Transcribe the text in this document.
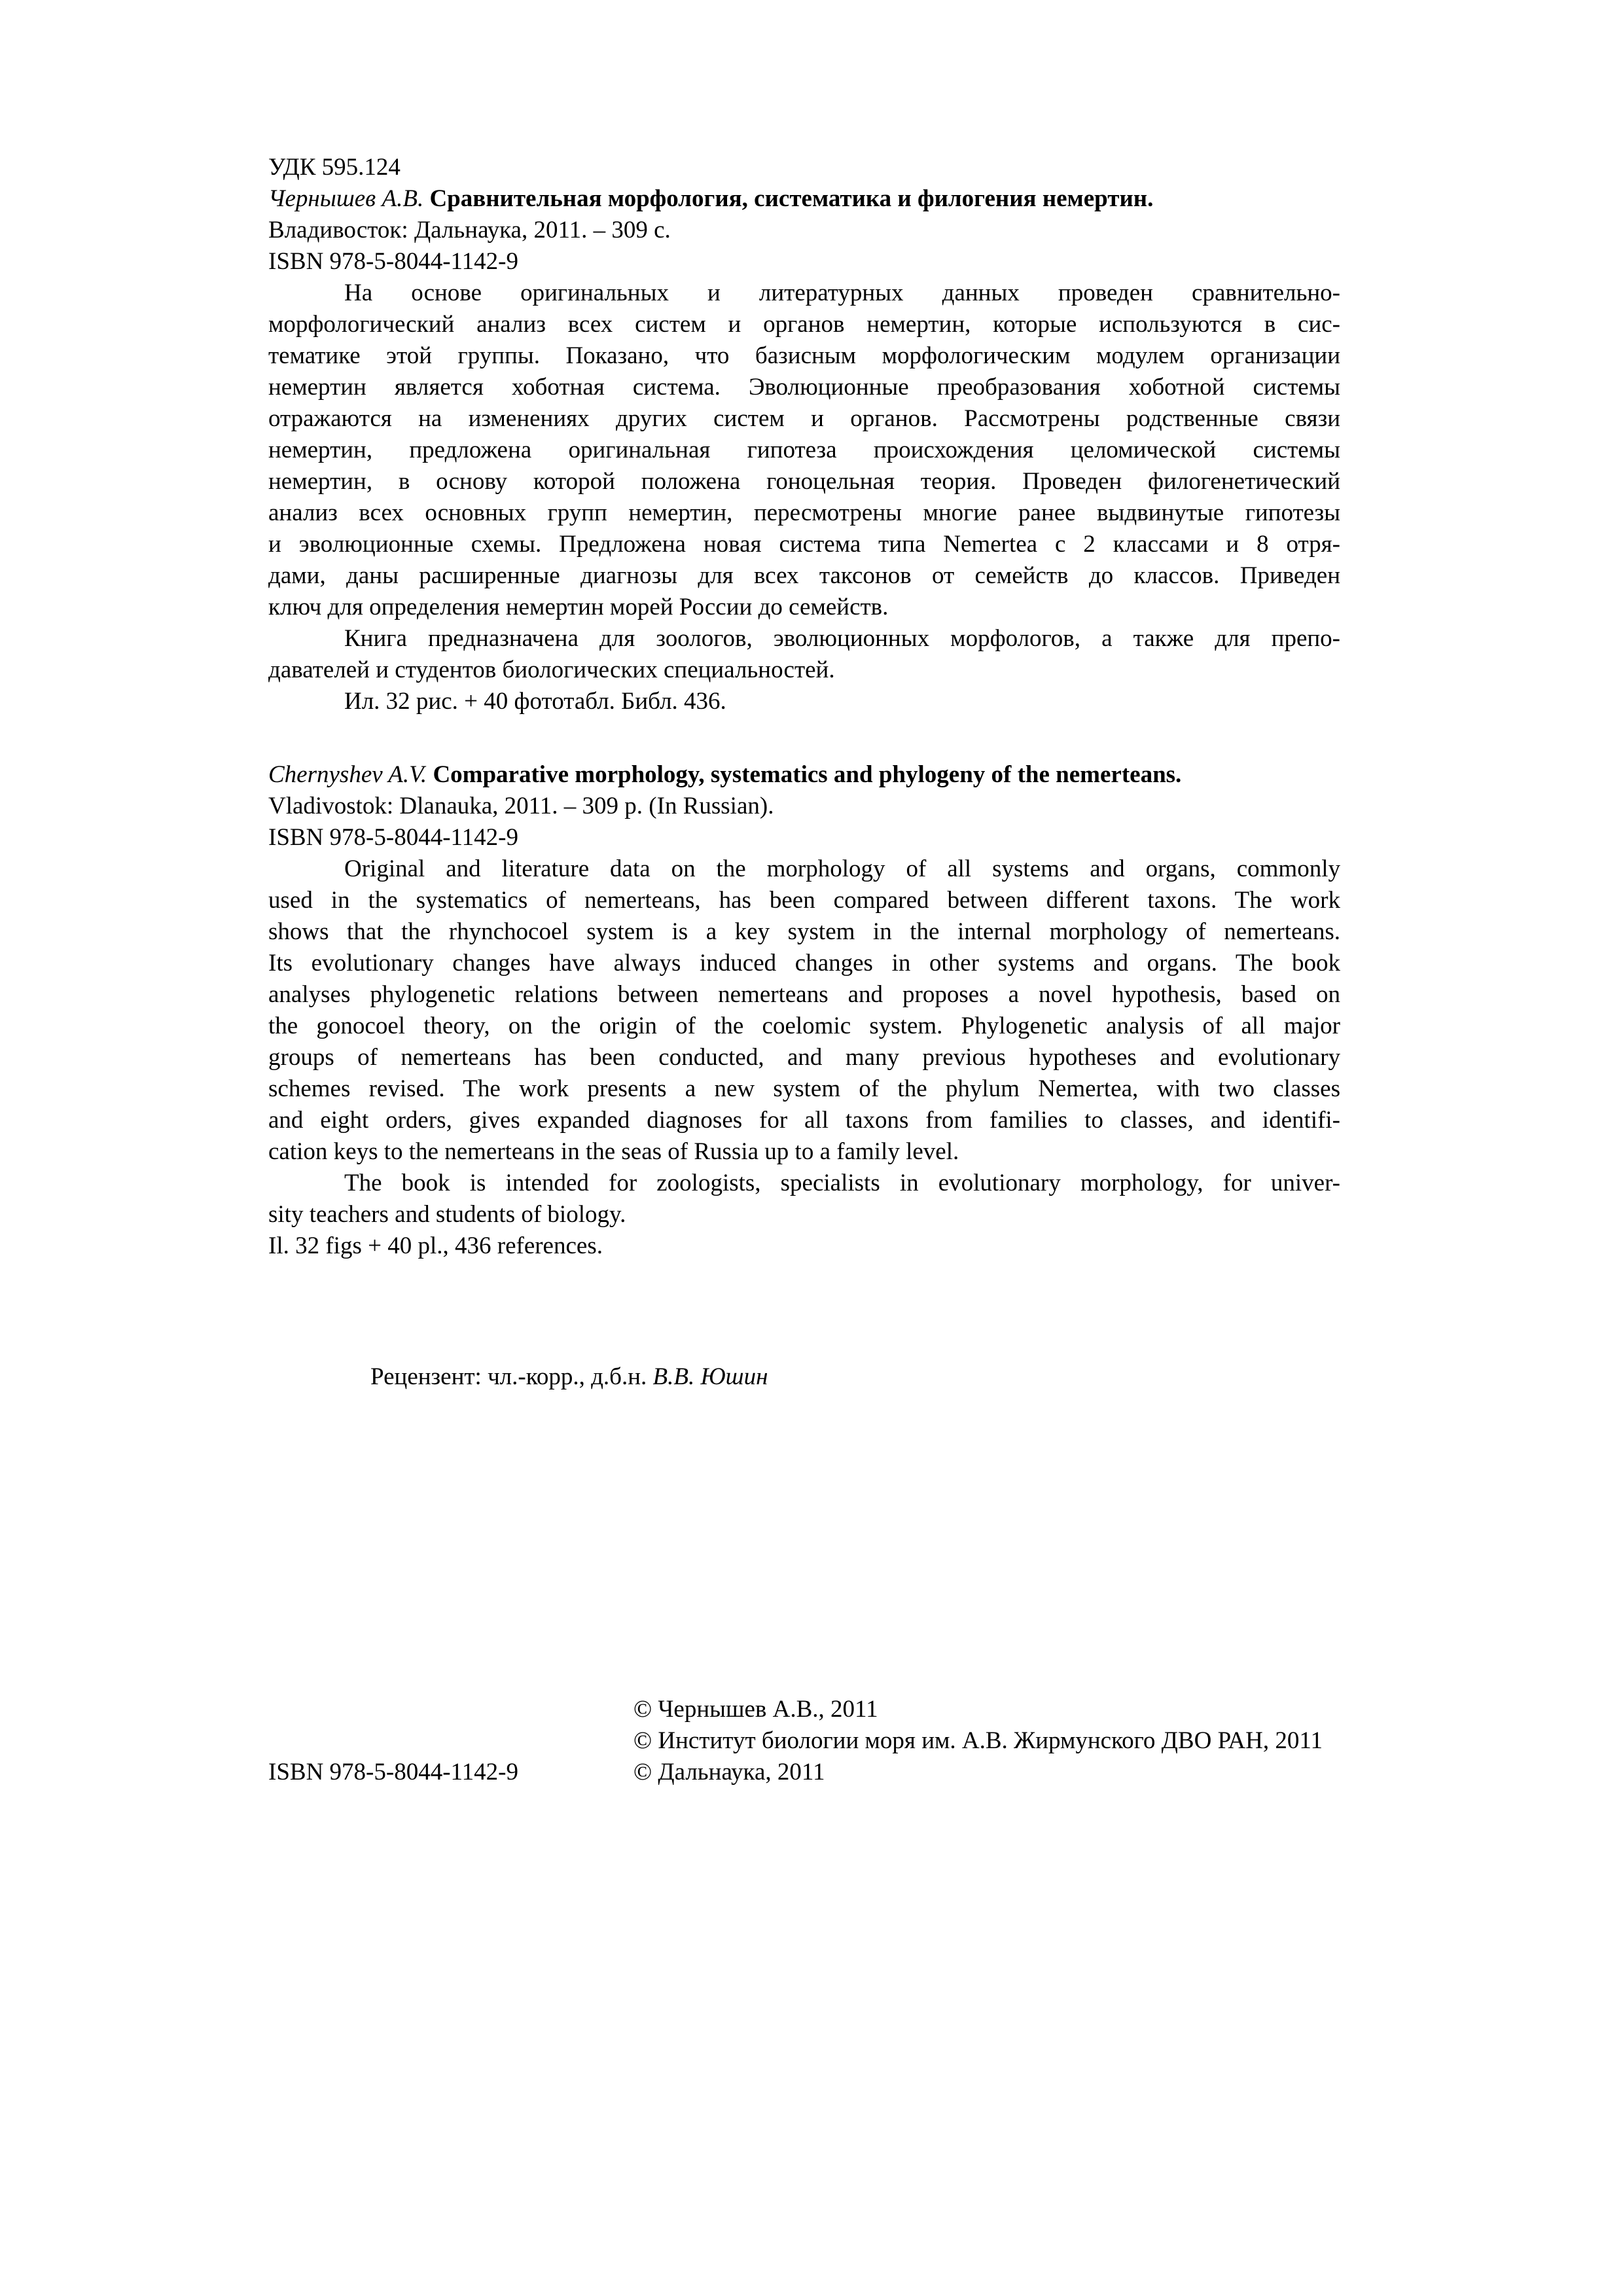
УДК 595.124
Чернышев А.В. Сравнительная морфология, систематика и филогения немертин.
Владивосток: Дальнаука, 2011. – 309 с.
ISBN 978-5-8044-1142-9
На основе оригинальных и литературных данных проведен сравнительно-
морфологический анализ всех систем и органов немертин, которые используются в сис-
тематике этой группы. Показано, что базисным морфологическим модулем организации
немертин является хоботная система. Эволюционные преобразования хоботной системы
отражаются на изменениях других систем и органов. Рассмотрены родственные связи
немертин, предложена оригинальная гипотеза происхождения целомической системы
немертин, в основу которой положена гоноцельная теория. Проведен филогенетический
анализ всех основных групп немертин, пересмотрены многие ранее выдвинутые гипотезы
и эволюционные схемы. Предложена новая система типа Nemertea с 2 классами и 8 отря-
дами, даны расширенные диагнозы для всех таксонов от семейств до классов. Приведен
ключ для определения немертин морей России до семейств.
Книга предназначена для зоологов, эволюционных морфологов, а также для препо-
давателей и студентов биологических специальностей.
Ил. 32 рис. + 40 фототабл. Библ. 436.
Chernyshev A.V. Comparative morphology, systematics and phylogeny of the nemerteans.
Vladivostok: Dlanauka, 2011. – 309 p. (In Russian).
ISBN 978-5-8044-1142-9
Original and literature data on the morphology of all systems and organs, commonly
used in the systematics of nemerteans, has been compared between different taxons. The work
shows that the rhynchocoel system is a key system in the internal morphology of nemerteans.
Its evolutionary changes have always induced changes in other systems and organs. The book
analyses phylogenetic relations between nemerteans and proposes a novel hypothesis, based on
the gonocoel theory, on the origin of the coelomic system. Phylogenetic analysis of all major
groups of nemerteans has been conducted, and many previous hypotheses and evolutionary
schemes revised. The work presents a new system of the phylum Nemertea, with two classes
and eight orders, gives expanded diagnoses for all taxons from families to classes, and identifi-
cation keys to the nemerteans in the seas of Russia up to a family level.
The book is intended for zoologists, specialists in evolutionary morphology, for univer-
sity teachers and students of biology.
Il. 32 figs + 40 pl., 436 references.
Рецензент: чл.-корр., д.б.н. В.В. Юшин
ISBN 978-5-8044-1142-9
© Чернышев А.В., 2011
© Институт биологии моря им. А.В. Жирмунского ДВО РАН, 2011
© Дальнаука, 2011
